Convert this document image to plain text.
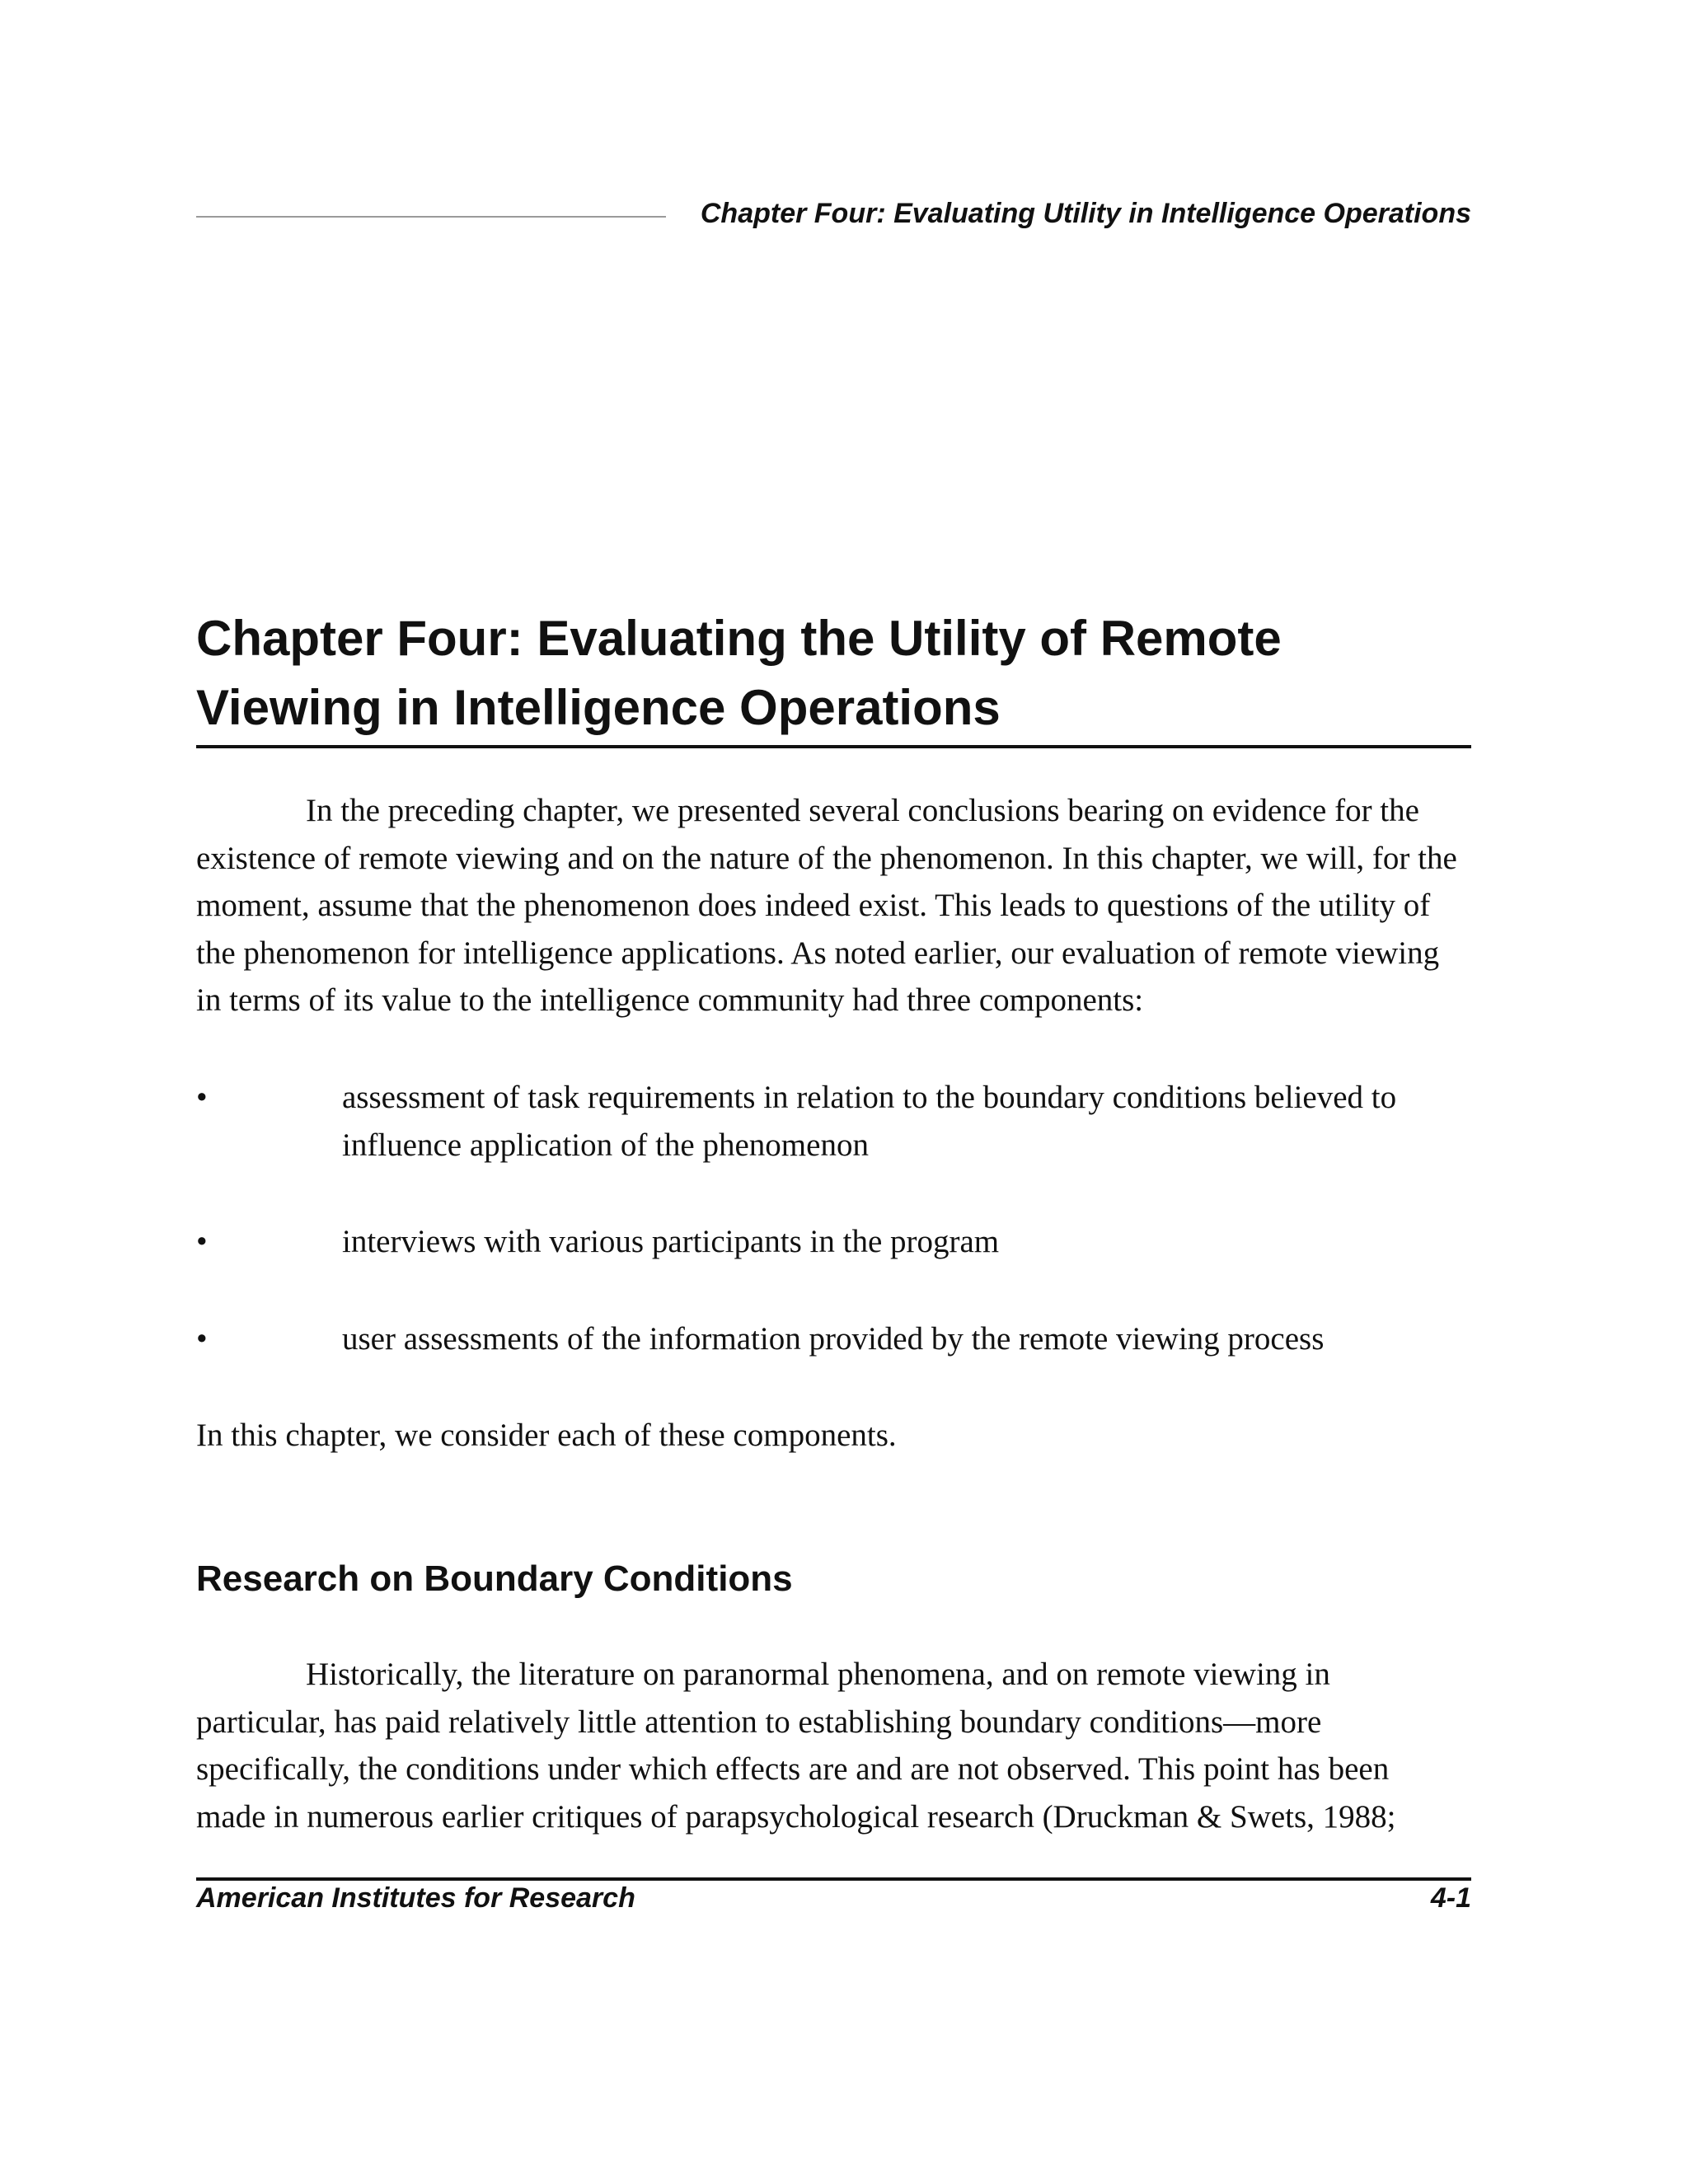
Chapter Four: Evaluating Utility in Intelligence Operations
Chapter Four: Evaluating the Utility of Remote
Viewing in Intelligence Operations

In the preceding chapter, we presented several conclusions bearing on evidence for the
existence of remote viewing and on the nature of the phenomenon. In this chapter, we will, for the
moment, assume that the phenomenon does indeed exist. This leads to questions of the utility of
the phenomenon for intelligence applications. As noted earlier, our evaluation of remote viewing
in terms of its value to the intelligence community had three components:

•	assessment of task requirements in relation to the boundary conditions believed to
influence application of the phenomenon
•	interviews with various participants in the program
•	user assessments of the information provided by the remote viewing process

In this chapter, we consider each of these components.

Research on Boundary Conditions

Historically, the literature on paranormal phenomena, and on remote viewing in
particular, has paid relatively little attention to establishing boundary conditions—more
specifically, the conditions under which effects are and are not observed. This point has been
made in numerous earlier critiques of parapsychological research (Druckman & Swets, 1988;

American Institutes for Research	4-1
